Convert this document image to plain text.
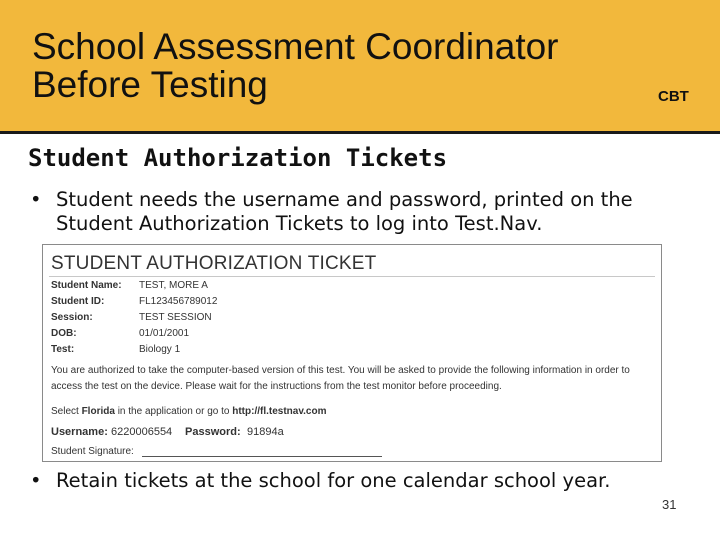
School Assessment Coordinator
Before Testing	CBT
Student Authorization Tickets
• Student needs the username and password, printed on the
Student Authorization Tickets to log into Test.Nav.
STUDENT AUTHORIZATION TICKET
Student Name: TEST, MORE A
Student ID:	FL123456789012
Session:	TEST SESSION
DOB:	01/01/2001
Test:	Biology 1
You are authorized to take the computer-based version of this test. You will be asked to provide the following information in order to
access the test on the device. Please wait for the instructions from the test monitor before proceeding.
Select Florida in the application or go to http://fl.testnav.com
Username: 6220006554 Password: 91894a
Student Signature:
• Retain tickets at the school for one calendar school year.
31
